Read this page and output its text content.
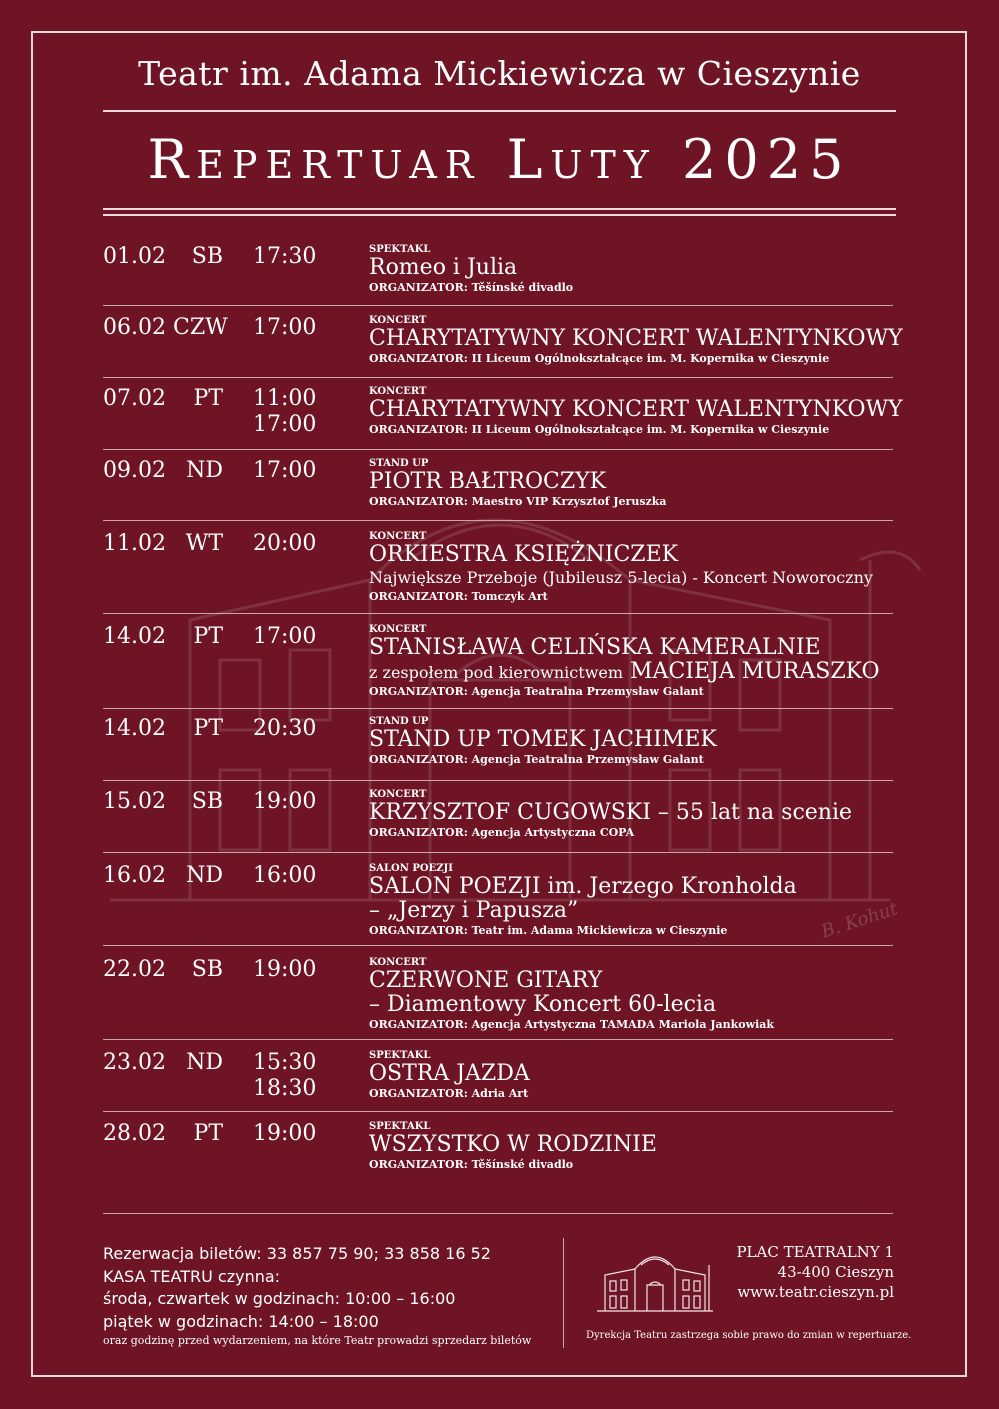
B. Kohut
Teatr im. Adama Mickiewicza w Cieszynie
Repertuar Luty 2025
01.02	SB 17:30	SPEKTAKL
Romeo i Julia
ORGANIZATOR: Těšínské divadlo
06.02 CZW 17:00	KONCERT
CHARYTATYWNY KONCERT WALENTYNKOWY
ORGANIZATOR: II Liceum Ogólnokształcące im. M. Kopernika w Cieszynie
07.02	PT 11:00
17:00
KONCERT
CHARYTATYWNY KONCERT WALENTYNKOWY
ORGANIZATOR: II Liceum Ogólnokształcące im. M. Kopernika w Cieszynie
09.02 ND 17:00	STAND UP
PIOTR BAŁTROCZYK
ORGANIZATOR: Maestro VIP Krzysztof Jeruszka
11.02 WT 20:00	KONCERT
ORKIESTRA KSIĘŻNICZEK
Największe Przeboje (Jubileusz 5-lecia) - Koncert Noworoczny
ORGANIZATOR: Tomczyk Art
14.02	PT 17:00	KONCERT
STANISŁAWA CELIŃSKA KAMERALNIE
z zespołem pod kierownictwem MACIEJA MURASZKO
ORGANIZATOR: Agencja Teatralna Przemysław Galant
14.02	PT 20:30	STAND UP
STAND UP TOMEK JACHIMEK
ORGANIZATOR: Agencja Teatralna Przemysław Galant
15.02	SB 19:00	KONCERT
KRZYSZTOF CUGOWSKI – 55 lat na scenie
ORGANIZATOR: Agencja Artystyczna COPA
16.02 ND 16:00	SALON POEZJI
SALON POEZJI im. Jerzego Kronholda
– „Jerzy i Papusza”
ORGANIZATOR: Teatr im. Adama Mickiewicza w Cieszynie
22.02	SB 19:00	KONCERT
CZERWONE GITARY
– Diamentowy Koncert 60-lecia
ORGANIZATOR: Agencja Artystyczna TAMADA Mariola Jankowiak
23.02 ND 15:30
18:30
SPEKTAKL
OSTRA JAZDA
ORGANIZATOR: Adria Art
28.02	PT 19:00	SPEKTAKL
WSZYSTKO W RODZINIE
ORGANIZATOR: Těšínské divadlo
Rezerwacja biletów: 33 857 75 90; 33 858 16 52
KASA TEATRU czynna:
środa, czwartek w godzinach: 10:00 – 16:00
piątek w godzinach: 14:00 – 18:00
oraz godzinę przed wydarzeniem, na które Teatr prowadzi sprzedarz biletów
PLAC TEATRALNY 1
43-400 Cieszyn
www.teatr.cieszyn.pl
Dyrekcja Teatru zastrzega sobie prawo do zmian w repertuarze.
